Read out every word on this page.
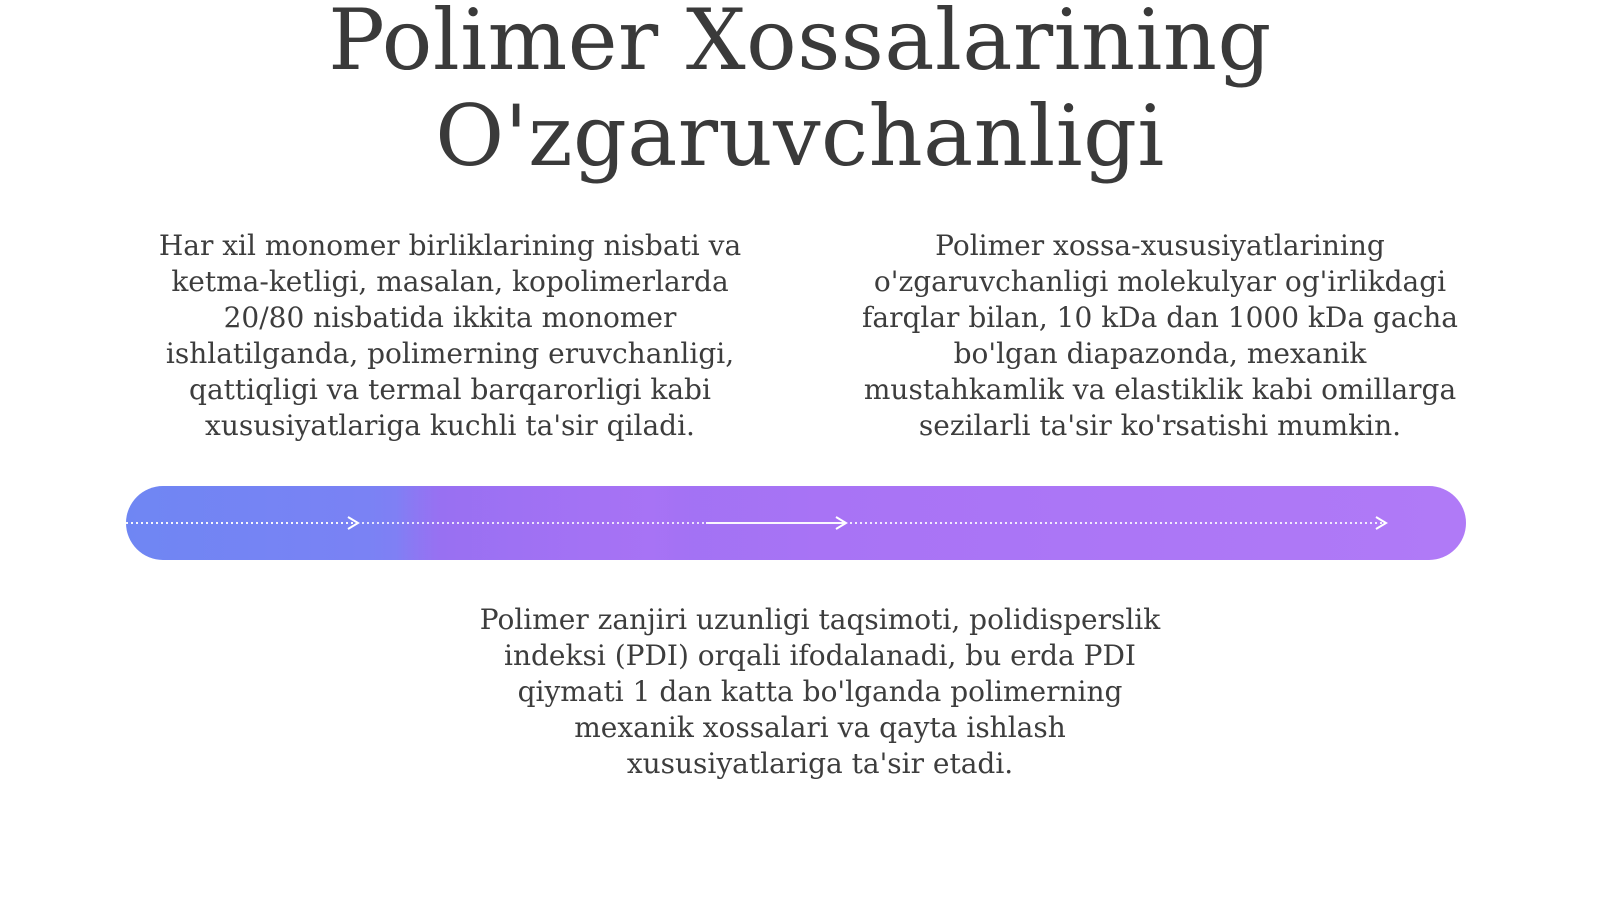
Polimer Xossalarining
O'zgaruvchanligi

Har xil monomer birliklarining nisbati va ketma-ketligi, masalan, kopolimerlarda 20/80 nisbatida ikkita monomer ishlatilganda, polimerning eruvchanligi, qattiqligi va termal barqarorligi kabi xususiyatlariga kuchli ta'sir qiladi.

Polimer xossa-xususiyatlarining o'zgaruvchanligi molekulyar og'irlikdagi farqlar bilan, 10 kDa dan 1000 kDa gacha bo'lgan diapazonda, mexanik mustahkamlik va elastiklik kabi omillarga sezilarli ta'sir ko'rsatishi mumkin.

Polimer zanjiri uzunligi taqsimoti, polidisperslik indeksi (PDI) orqali ifodalanadi, bu erda PDI qiymati 1 dan katta bo'lganda polimerning mexanik xossalari va qayta ishlash xususiyatlariga ta'sir etadi.
